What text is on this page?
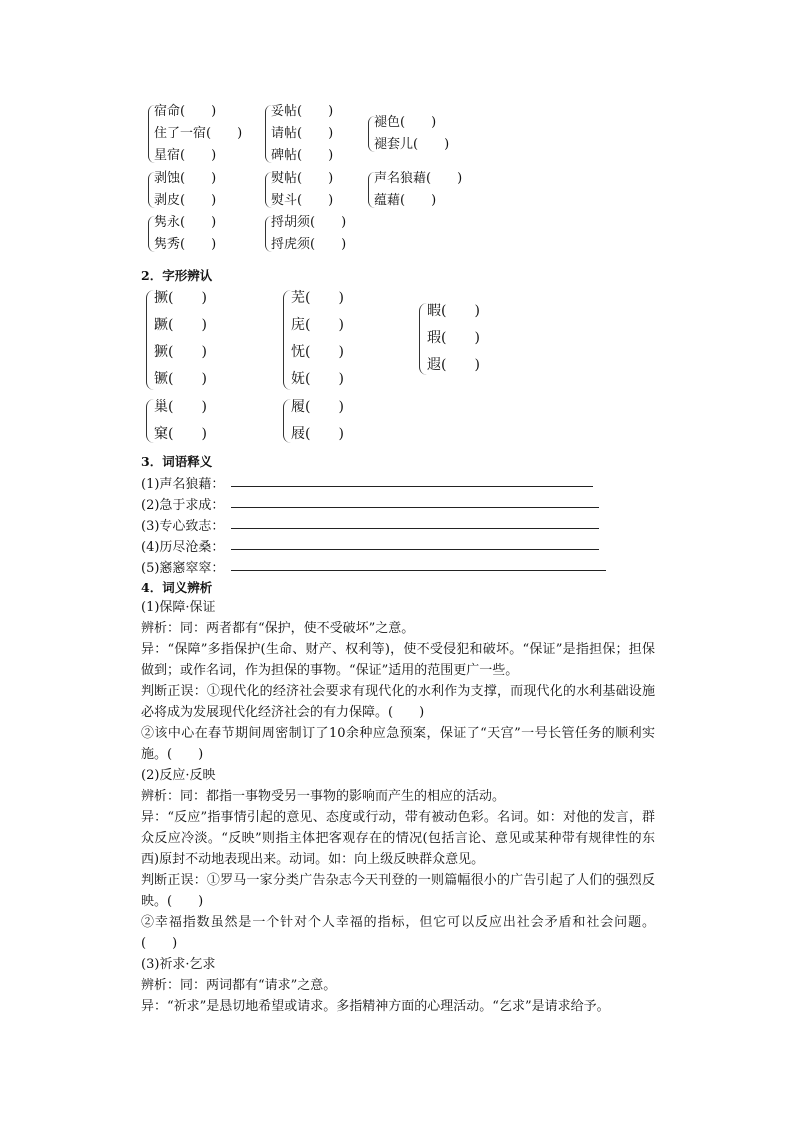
宿命(　　)
住了一宿(　　)
星宿(　　)
妥帖(　　)
请帖(　　)
碑帖(　　)
褪色(　　)
褪套儿(　　)
剥蚀(　　)
剥皮(　　)
熨帖(　　)
熨斗(　　)
声名狼藉(　　)
蕴藉(　　)
隽永(　　)
隽秀(　　)
捋胡须(　　)
捋虎须(　　)
2．字形辨认
撅(　　)
蹶(　　)
獗(　　)
镢(　　)
芜(　　)
庑(　　)
怃(　　)
妩(　　)
暇(　　)
瑕(　　)
遐(　　)
巢(　　)
窠(　　)
履(　　)
屐(　　)
3．词语释义
(1)声名狼藉：
(2)急于求成：
(3)专心致志：
(4)历尽沧桑：
(5)窸窸窣窣：
4．词义辨析
(1)保障·保证
辨析：同：两者都有“保护，使不受破坏”之意。
异：“保障”多指保护(生命、财产、权利等)，使不受侵犯和破坏。“保证”是指担保；担保做到；或作名词，作为担保的事物。“保证”适用的范围更广一些。
判断正误：①现代化的经济社会要求有现代化的水利作为支撑，而现代化的水利基础设施必将成为发展现代化经济社会的有力保障。(　　)
②该中心在春节期间周密制订了10余种应急预案，保证了“天宫”一号长管任务的顺利实施。(　　)
(2)反应·反映
辨析：同：都指一事物受另一事物的影响而产生的相应的活动。
异：“反应”指事情引起的意见、态度或行动，带有被动色彩。名词。如：对他的发言，群众反应冷淡。“反映”则指主体把客观存在的情况(包括言论、意见或某种带有规律性的东西)原封不动地表现出来。动词。如：向上级反映群众意见。
判断正误：①罗马一家分类广告杂志今天刊登的一则篇幅很小的广告引起了人们的强烈反映。(　　)
②幸福指数虽然是一个针对个人幸福的指标，但它可以反应出社会矛盾和社会问题。(　　)
(3)祈求·乞求
辨析：同：两词都有“请求”之意。
异：“祈求”是恳切地希望或请求。多指精神方面的心理活动。“乞求”是请求给予。
